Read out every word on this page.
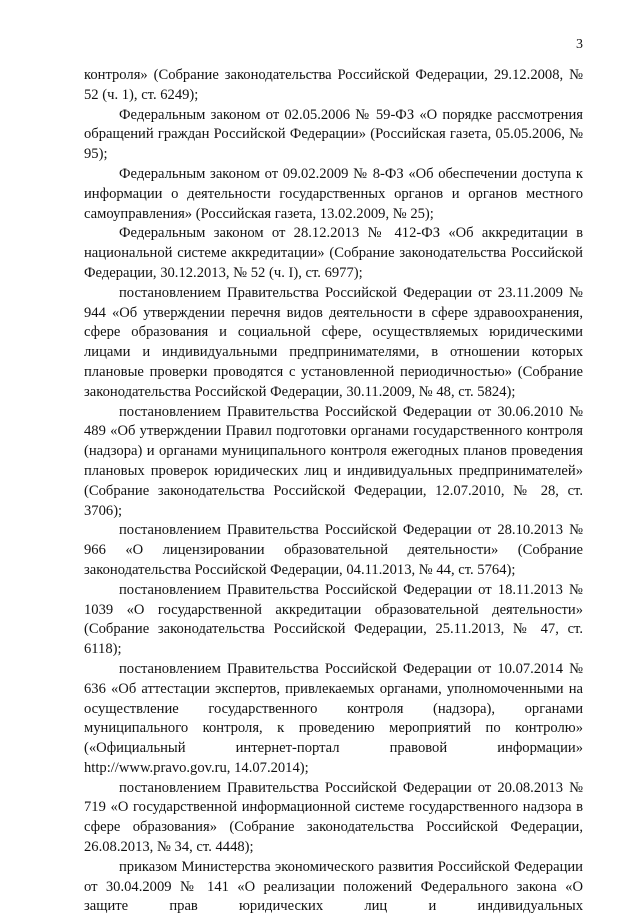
3

контроля» (Собрание законодательства Российской Федерации, 29.12.2008, № 52 (ч. 1), ст. 6249);

Федеральным законом от 02.05.2006 № 59-ФЗ «О порядке рассмотрения обращений граждан Российской Федерации» (Российская газета, 05.05.2006, № 95);

Федеральным законом от 09.02.2009 № 8-ФЗ «Об обеспечении доступа к информации о деятельности государственных органов и органов местного самоуправления» (Российская газета, 13.02.2009, № 25);

Федеральным законом от 28.12.2013 № 412-ФЗ «Об аккредитации в национальной системе аккредитации» (Собрание законодательства Российской Федерации, 30.12.2013, № 52 (ч. I), ст. 6977);

постановлением Правительства Российской Федерации от 23.11.2009 № 944 «Об утверждении перечня видов деятельности в сфере здравоохранения, сфере образования и социальной сфере, осуществляемых юридическими лицами и индивидуальными предпринимателями, в отношении которых плановые проверки проводятся с установленной периодичностью» (Собрание законодательства Российской Федерации, 30.11.2009, № 48, ст. 5824);

постановлением Правительства Российской Федерации от 30.06.2010 № 489 «Об утверждении Правил подготовки органами государственного контроля (надзора) и органами муниципального контроля ежегодных планов проведения плановых проверок юридических лиц и индивидуальных предпринимателей» (Собрание законодательства Российской Федерации, 12.07.2010, № 28, ст. 3706);

постановлением Правительства Российской Федерации от 28.10.2013 № 966 «О лицензировании образовательной деятельности» (Собрание законодательства Российской Федерации, 04.11.2013, № 44, ст. 5764);

постановлением Правительства Российской Федерации от 18.11.2013 № 1039 «О государственной аккредитации образовательной деятельности» (Собрание законодательства Российской Федерации, 25.11.2013, № 47, ст. 6118);

постановлением Правительства Российской Федерации от 10.07.2014 № 636 «Об аттестации экспертов, привлекаемых органами, уполномоченными на осуществление государственного контроля (надзора), органами муниципального контроля, к проведению мероприятий по контролю» («Официальный интернет-портал правовой информации» http://www.pravo.gov.ru, 14.07.2014);

постановлением Правительства Российской Федерации от 20.08.2013 № 719 «О государственной информационной системе государственного надзора в сфере образования» (Собрание законодательства Российской Федерации, 26.08.2013, № 34, ст. 4448);

приказом Министерства экономического развития Российской Федерации от 30.04.2009 № 141 «О реализации положений Федерального закона «О защите прав юридических лиц и индивидуальных
